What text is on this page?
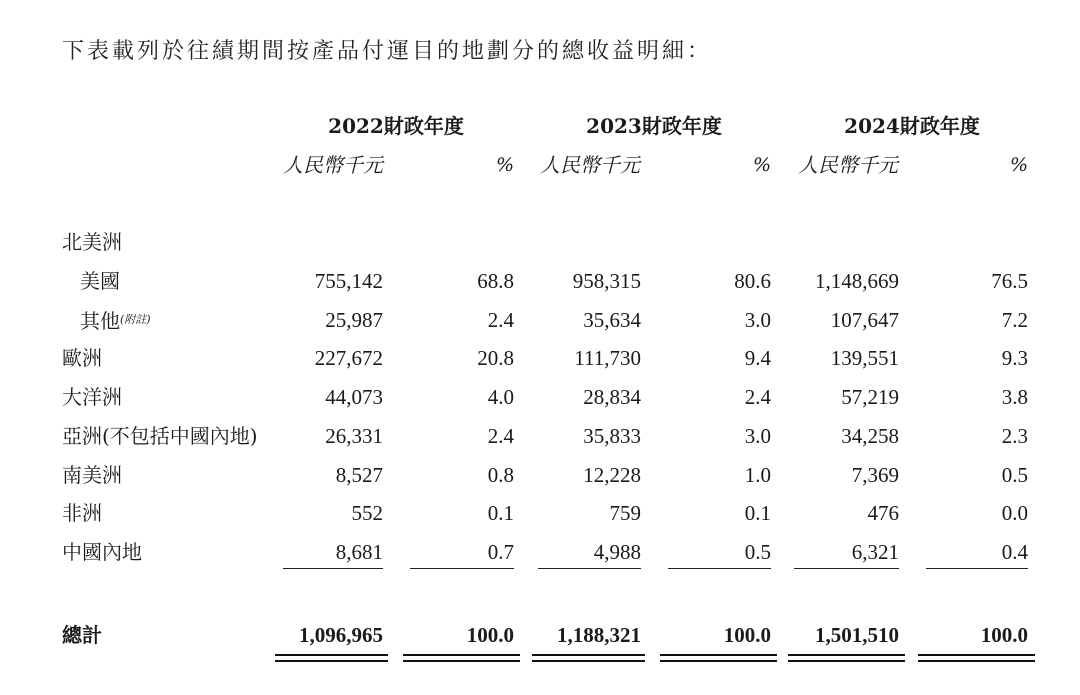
下表載列於往績期間按產品付運目的地劃分的總收益明細：
2022財政年度
人民幣千元	%
2023財政年度
人民幣千元	%
2024財政年度
人民幣千元	%
北美洲
美國	755,142	68.8	958,315	80.6	1,148,669	76.5
其他$^{(附註)}$	25,987	2.4	35,634	3.0	107,647	7.2
歐洲	227,672	20.8	111,730	9.4	139,551	9.3
大洋洲	44,073	4.0	28,834	2.4	57,219	3.8
亞洲(不包括中國內地)	26,331	2.4	35,833	3.0	34,258	2.3
南美洲	8,527	0.8	12,228	1.0	7,369	0.5
非洲	552	0.1	759	0.1	476	0.0
中國內地	8,681	0.7	4,988	0.5	6,321	0.4
總計	1,096,965	100.0	1,188,321	100.0	1,501,510	100.0
